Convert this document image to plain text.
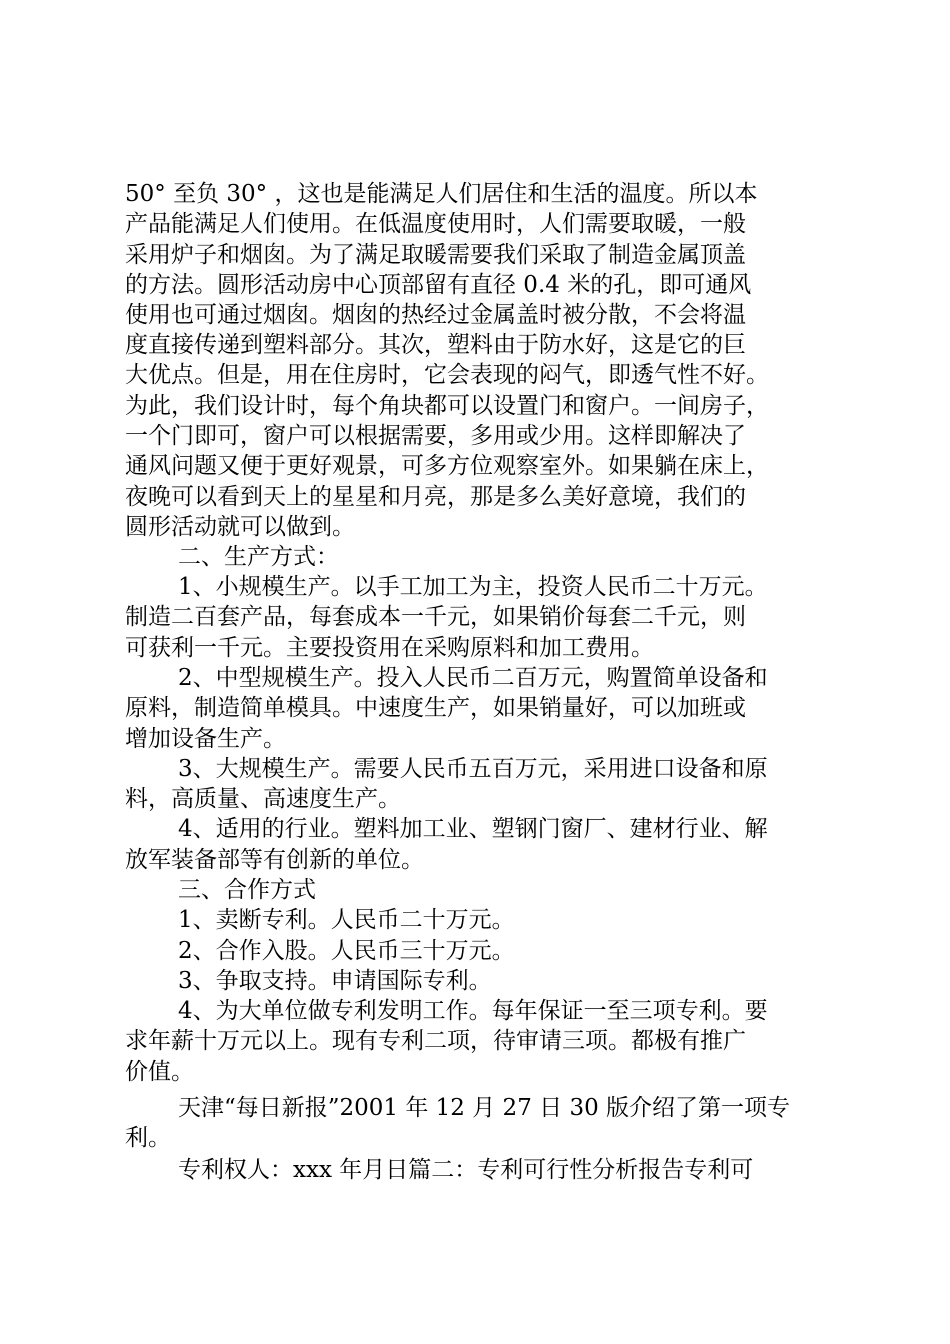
50° 至负 30° ，这也是能满足人们居住和生活的温度。所以本
产品能满足人们使用。在低温度使用时，人们需要取暖，一般
采用炉子和烟囱。为了满足取暖需要我们采取了制造金属顶盖
的方法。圆形活动房中心顶部留有直径 0.4 米的孔，即可通风
使用也可通过烟囱。烟囱的热经过金属盖时被分散，不会将温
度直接传递到塑料部分。其次，塑料由于防水好，这是它的巨
大优点。但是，用在住房时，它会表现的闷气，即透气性不好。
为此，我们设计时，每个角块都可以设置门和窗户。一间房子，
一个门即可，窗户可以根据需要，多用或少用。这样即解决了
通风问题又便于更好观景，可多方位观察室外。如果躺在床上，
夜晚可以看到天上的星星和月亮，那是多么美好意境，我们的
圆形活动就可以做到。
二、生产方式：
1、小规模生产。以手工加工为主，投资人民币二十万元。
制造二百套产品，每套成本一千元，如果销价每套二千元，则
可获利一千元。主要投资用在采购原料和加工费用。
2、中型规模生产。投入人民币二百万元，购置简单设备和
原料，制造简单模具。中速度生产，如果销量好，可以加班或
增加设备生产。
3、大规模生产。需要人民币五百万元，采用进口设备和原
料，高质量、高速度生产。
4、适用的行业。塑料加工业、塑钢门窗厂、建材行业、解
放军装备部等有创新的单位。
三、合作方式
1、卖断专利。人民币二十万元。
2、合作入股。人民币三十万元。
3、争取支持。申请国际专利。
4、为大单位做专利发明工作。每年保证一至三项专利。要
求年薪十万元以上。现有专利二项，待审请三项。都极有推广
价值。
天津“每日新报”2001 年 12 月 27 日 30 版介绍了第一项专
利。
专利权人：xxx 年月日篇二：专利可行性分析报告专利可
